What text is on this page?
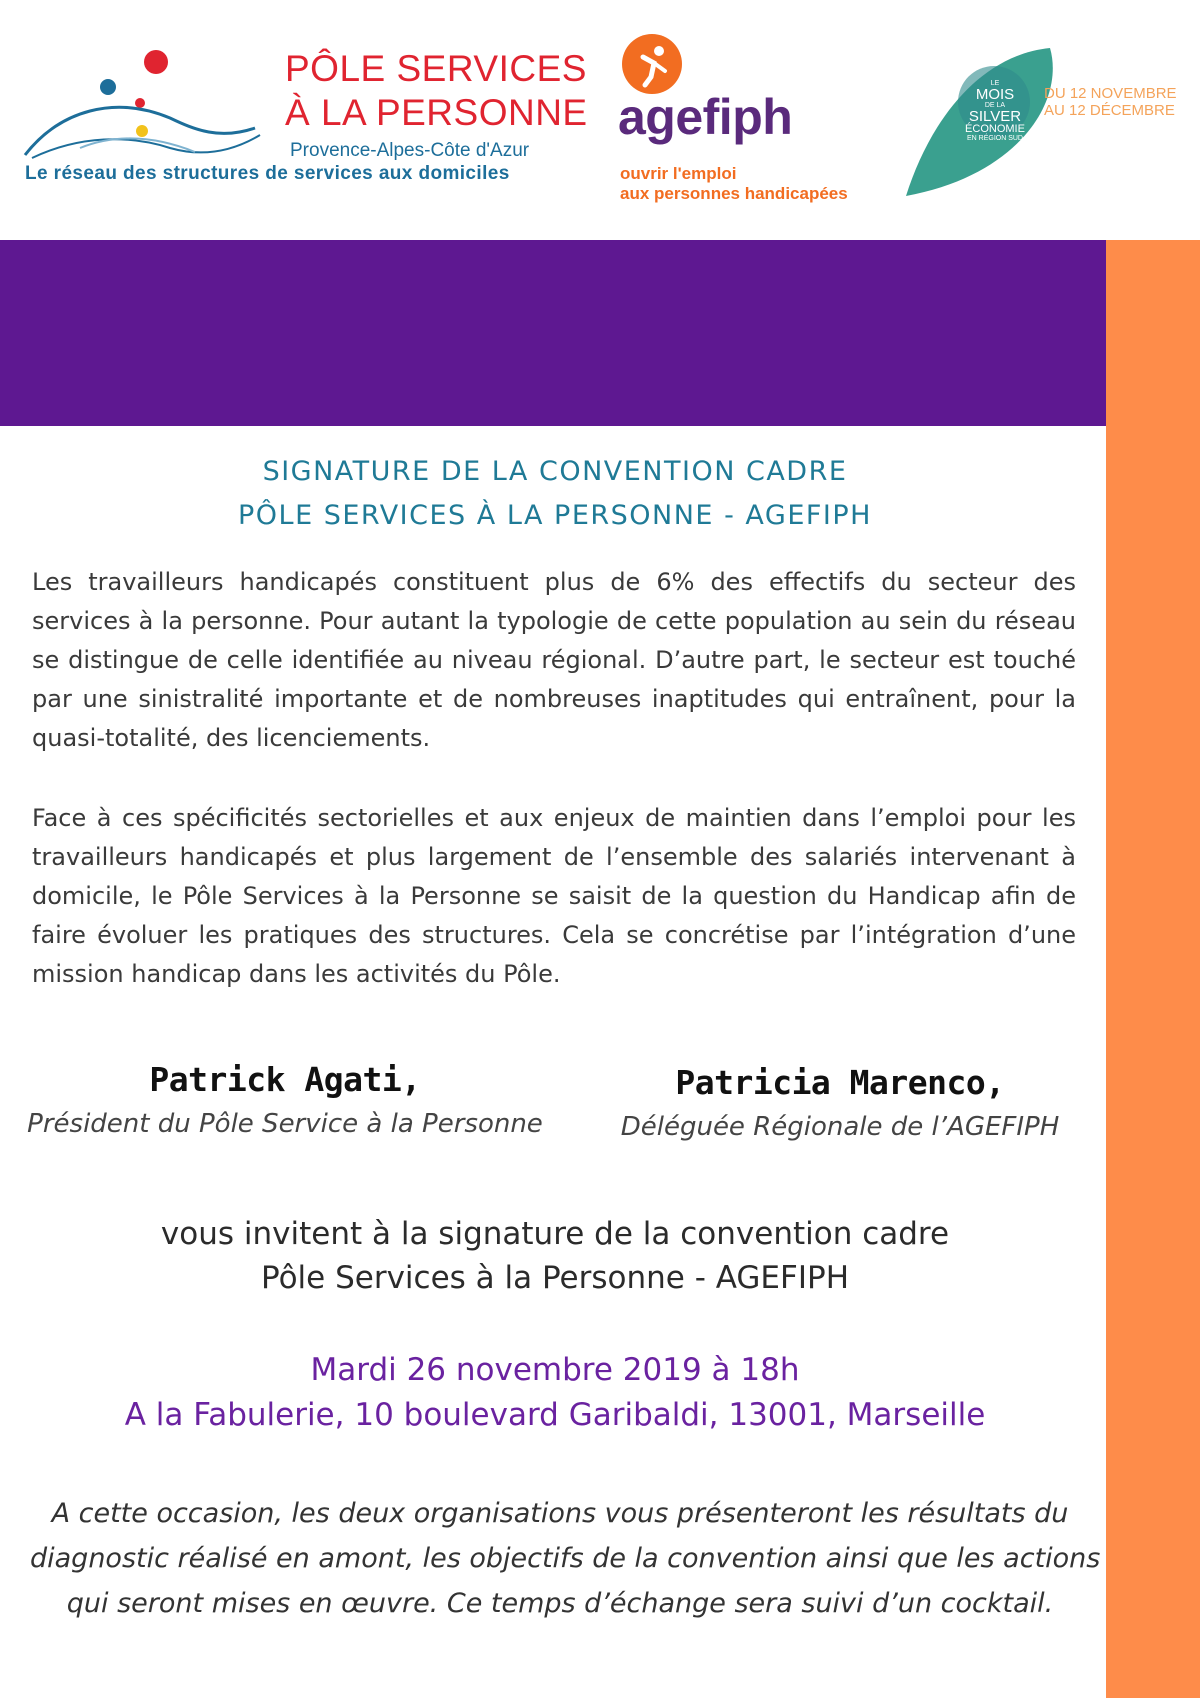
PÔLE SERVICES
À LA PERSONNE
Provence-Alpes-Côte d'Azur
Le réseau des structures de services aux domiciles
agefiph
ouvrir l'emploi
aux personnes handicapées
LE
MOIS
DE LA
SILVER
ÉCONOMIE
EN RÉGION SUD
DU 12 NOVEMBRE
AU 12 DÉCEMBRE
SIGNATURE DE LA CONVENTION CADRE
PÔLE SERVICES À LA PERSONNE - AGEFIPH

Les travailleurs handicapés constituent plus de 6% des effectifs du secteur des services à la personne. Pour autant la typologie de cette population au sein du réseau se distingue de celle identifiée au niveau régional. D’autre part, le secteur est touché par une sinistralité importante et de nombreuses inaptitudes qui entraînent, pour la quasi-totalité, des licenciements.

Face à ces spécificités sectorielles et aux enjeux de maintien dans l’emploi pour les travailleurs handicapés et plus largement de l’ensemble des salariés intervenant à domicile, le Pôle Services à la Personne se saisit de la question du Handicap afin de faire évoluer les pratiques des structures. Cela se concrétise par l’intégration d’une mission handicap dans les activités du Pôle.

Patrick Agati,
Président du Pôle Service à la Personne
Patricia Marenco,
Déléguée Régionale de l’AGEFIPH
vous invitent à la signature de la convention cadre
Pôle Services à la Personne - AGEFIPH
Mardi 26 novembre 2019 à 18h
A la Fabulerie, 10 boulevard Garibaldi, 13001, Marseille
A cette occasion, les deux organisations vous présenteront les résultats du
diagnostic réalisé en amont, les objectifs de la convention ainsi que les actions
qui seront mises en œuvre. Ce temps d’échange sera suivi d’un cocktail.
